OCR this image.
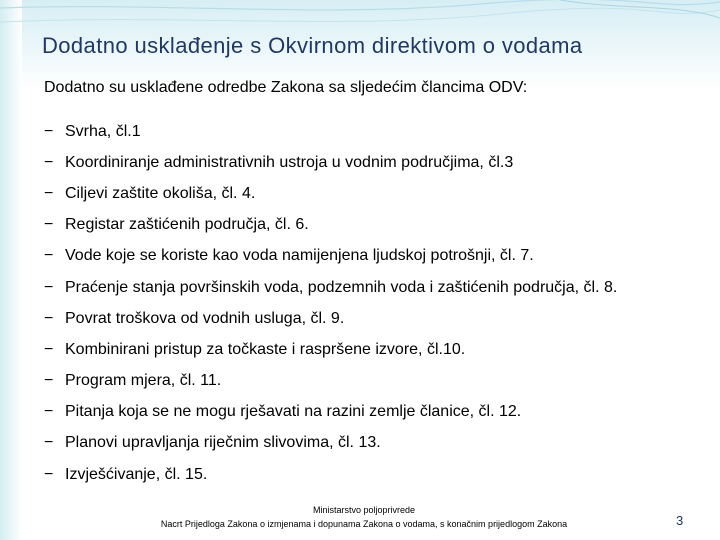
Dodatno usklađenje s Okvirnom direktivom o vodama
Dodatno su usklađene odredbe Zakona sa sljedećim člancima ODV:
− Svrha, čl.1
− Koordiniranje administrativnih ustroja u vodnim područjima, čl.3
− Ciljevi zaštite okoliša, čl. 4.
− Registar zaštićenih područja, čl. 6.
− Vode koje se koriste kao voda namijenjena ljudskoj potrošnji, čl. 7.
− Praćenje stanja površinskih voda, podzemnih voda i zaštićenih područja, čl. 8.
− Povrat troškova od vodnih usluga, čl. 9.
− Kombinirani pristup za točkaste i raspršene izvore, čl.10.
− Program mjera, čl. 11.
− Pitanja koja se ne mogu rješavati na razini zemlje članice, čl. 12.
− Planovi upravljanja riječnim slivovima, čl. 13.
− Izvješćivanje, čl. 15.
Ministarstvo poljoprivrede
Nacrt Prijedloga Zakona o izmjenama i dopunama Zakona o vodama, s konačnim prijedlogom Zakona	3
